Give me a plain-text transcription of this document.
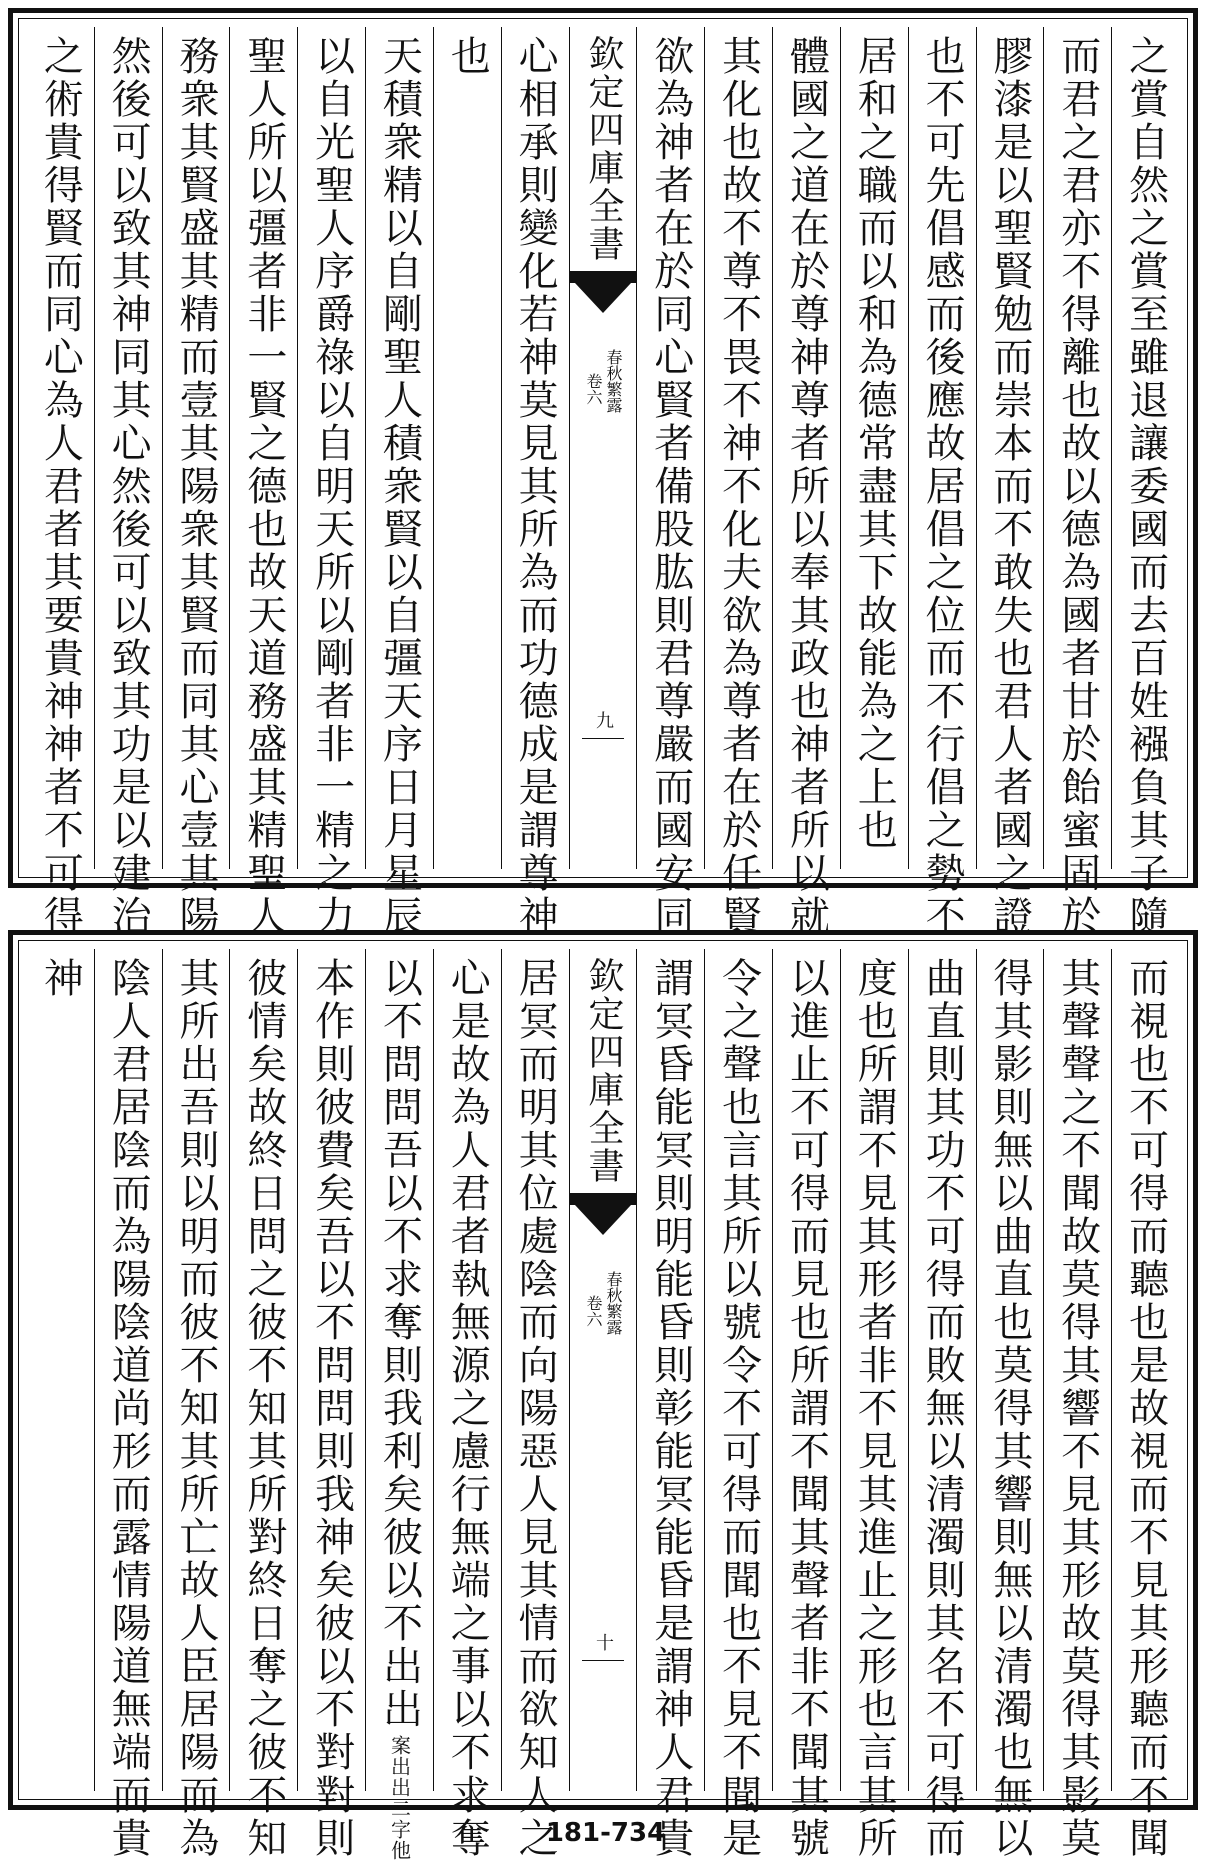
之賞自然之賞至雖退讓委國而去百姓襁負其子隨
而君之君亦不得離也故以德為國者甘於飴蜜固於
膠漆是以聖賢勉而崇本而不敢失也君人者國之證
也不可先倡感而後應故居倡之位而不行倡之勢不
居和之職而以和為德常盡其下故能為之上也
體國之道在於尊神尊者所以奉其政也神者所以就
其化也故不尊不畏不神不化夫欲為尊者在於任賢
欲為神者在於同心賢者備股肱則君尊嚴而國安同
欽定四庫全書
春秋繁露
卷六
九
心相承則變化若神莫見其所為而功德成是謂尊神
也
天積衆精以自剛聖人積衆賢以自彊天序日月星辰
以自光聖人序爵祿以自明天所以剛者非一精之力
聖人所以彊者非一賢之德也故天道務盛其精聖人
務衆其賢盛其精而壹其陽衆其賢而同其心壹其陽
然後可以致其神同其心然後可以致其功是以建治
之術貴得賢而同心為人君者其要貴神神者不可得
而視也不可得而聽也是故視而不見其形聽而不聞
其聲聲之不聞故莫得其響不見其形故莫得其影莫
得其影則無以曲直也莫得其響則無以清濁也無以
曲直則其功不可得而敗無以清濁則其名不可得而
度也所謂不見其形者非不見其進止之形也言其所
以進止不可得而見也所謂不聞其聲者非不聞其號
令之聲也言其所以號令不可得而聞也不見不聞是
謂冥昏能冥則明能昏則彰能冥能昏是謂神人君貴
欽定四庫全書
春秋繁露
卷六
十
居冥而明其位處陰而向陽惡人見其情而欲知人之
心是故為人君者執無源之慮行無端之事以不求奪
以不問問吾以不求奪則我利矣彼以不出出
案出出二字他
本作則彼費矣吾以不問問則我神矣彼以不對對則
彼情矣故終日問之彼不知其所對終日奪之彼不知
其所出吾則以明而彼不知其所亡故人臣居陽而為
陰人君居陰而為陽陰道尚形而露情陽道無端而貴
神
181-734
